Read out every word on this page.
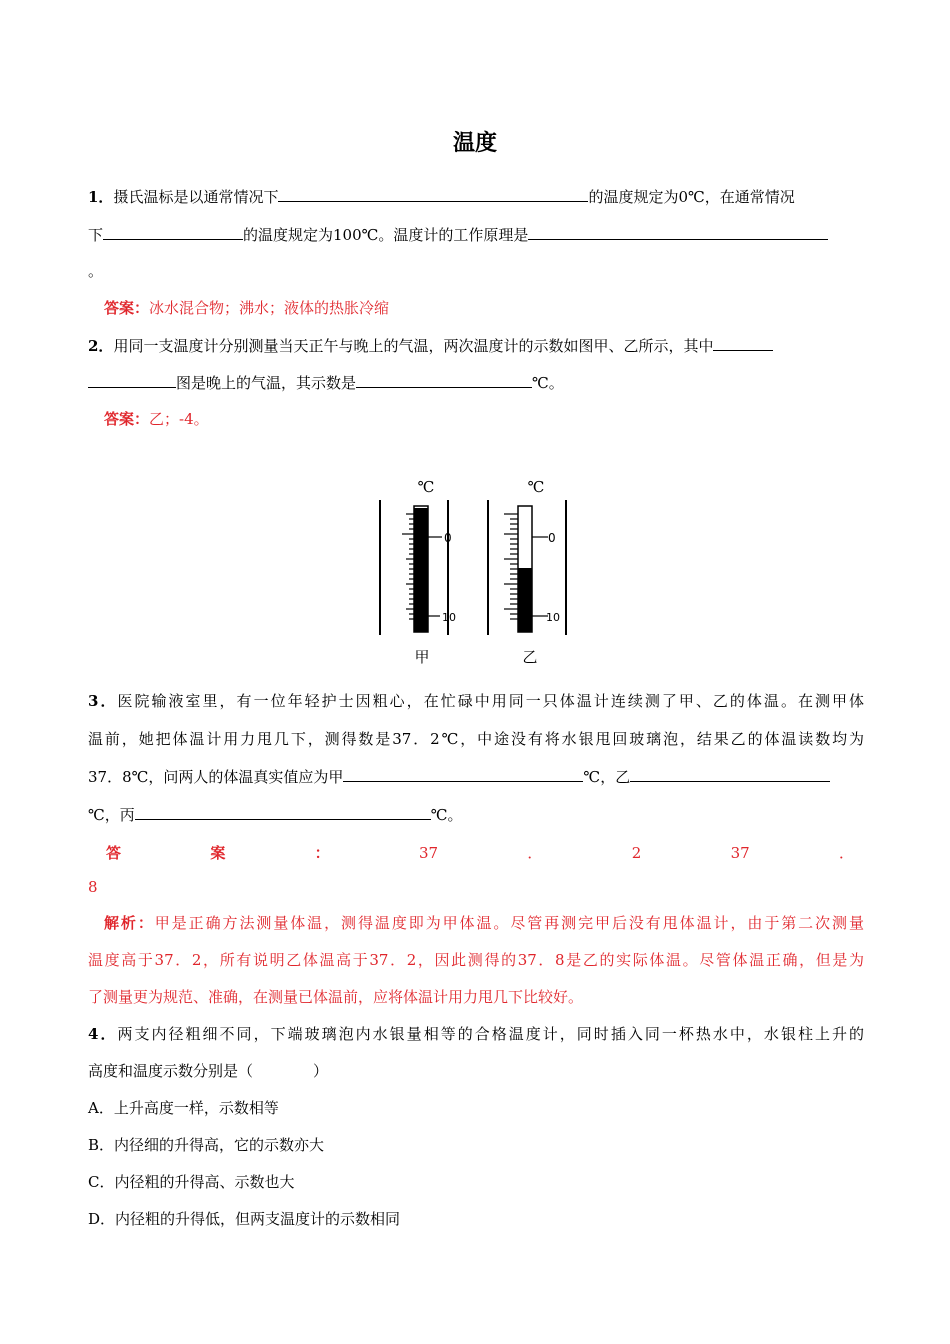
温度
1．摄氏温标是以通常情况下	的温度规定为0℃，在通常情况
下	的温度规定为100℃。温度计的工作原理是
。
答案：冰水混合物；沸水；液体的热胀冷缩
2．用同一支温度计分别测量当天正午与晚上的气温，两次温度计的示数如图甲、乙所示，其中
图是晚上的气温，其示数是	℃。
答案：乙；-4。
℃
0
10
甲
℃
0
10
乙
3．医院输液室里，有一位年轻护士因粗心，在忙碌中用同一只体温计连续测了甲、乙的体温。在测甲体
温前，她把体温计用力甩几下，测得数是37．2℃，中途没有将水银甩回玻璃泡，结果乙的体温读数均为
37．8℃，问两人的体温真实值应为甲	℃，乙
℃，丙	℃。
答	案	：	37	．	2	37	．
8
解析：甲是正确方法测量体温，测得温度即为甲体温。尽管再测完甲后没有甩体温计，由于第二次测量
温度高于37．2，所有说明乙体温高于37．2，因此测得的37．8是乙的实际体温。尽管体温正确，但是为
了测量更为规范、准确，在测量已体温前，应将体温计用力甩几下比较好。
4．两支内径粗细不同，下端玻璃泡内水银量相等的合格温度计，同时插入同一杯热水中，水银柱上升的
高度和温度示数分别是（　　　　）
A．上升高度一样，示数相等
B．内径细的升得高，它的示数亦大
C．内径粗的升得高、示数也大
D．内径粗的升得低，但两支温度计的示数相同
